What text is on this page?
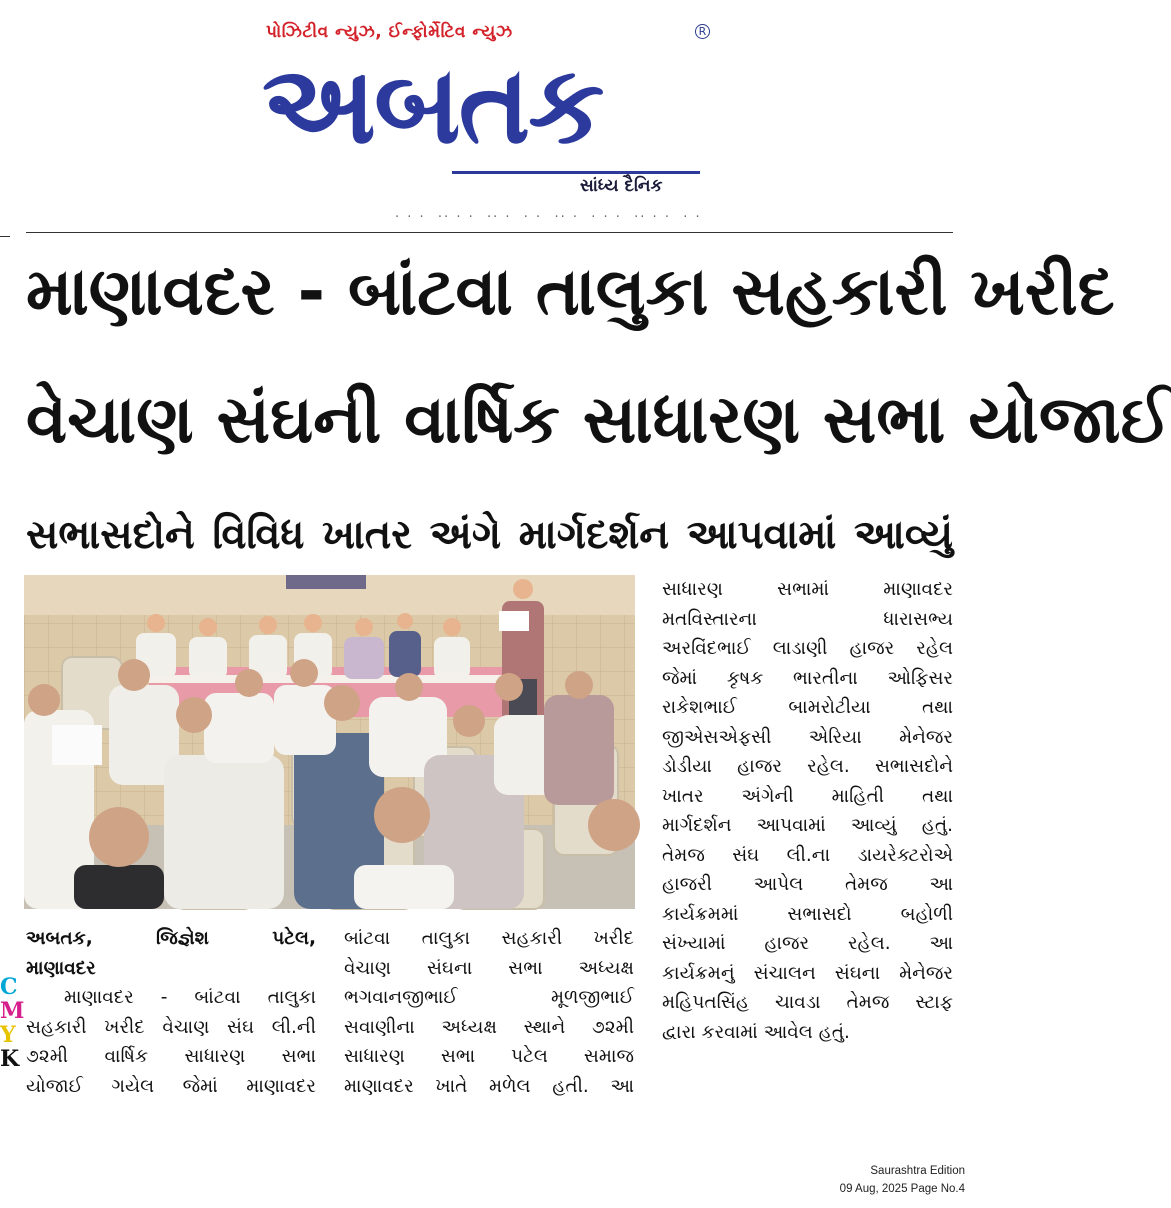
પોઝિટીવ ન્યુઝ, ઈન્ફોર્મેટિવ ન્યુઝ	R
અબતક
સાંધ્ય દૈનિક
· · ·  ·· · ·  ·· ·  · ·  ·· ·  · · ·  ·· · ·  · ·
માણાવદર - બાંટવા તાલુકા સહકારી ખરીદ
વેચાણ સંઘની વાર્ષિક સાધારણ સભા યોજાઈ
સભાસદોને વિવિધ ખાતર અંગે માર્ગદર્શન આપવામાં આવ્યું
અબતક, જિજ્ઞેશ પટેલ,
માણાવદર
માણાવદર - બાંટવા તાલુકા
સહકારી ખરીદ વેચાણ સંઘ લી.ની
૭૨મી વાર્ષિક સાધારણ સભા
યોજાઈ ગયેલ જેમાં માણાવદર
બાંટવા તાલુકા સહકારી ખરીદ
વેચાણ સંઘના સભા અધ્યક્ષ
ભગવાનજીભાઈ મૂળજીભાઈ
સવાણીના અધ્યક્ષ સ્થાને ૭૨મી
સાધારણ સભા પટેલ સમાજ
માણાવદર ખાતે મળેલ હતી. આ
સાધારણ સભામાં માણાવદર
મતવિસ્તારના ધારાસભ્ય
અરવિંદભાઈ લાડાણી હાજર રહેલ
જેમાં કૃષક ભારતીના ઓફિસર
રાકેશભાઈ બામરોટીયા તથા
જીએસએફસી એરિયા મેનેજર
ડોડીયા હાજર રહેલ. સભાસદોને
ખાતર અંગેની માહિતી તથા
માર્ગદર્શન આપવામાં આવ્યું હતું.
તેમજ સંઘ લી.ના ડાયરેક્ટરોએ
હાજરી આપેલ તેમજ આ
કાર્યક્રમમાં સભાસદો બહોળી
સંખ્યામાં હાજર રહેલ. આ
કાર્યક્રમનું સંચાલન સંઘના મેનેજર
મહિપતસિંહ ચાવડા તેમજ સ્ટાફ
દ્વારા કરવામાં આવેલ હતું.
C
M
Y
K
Saurashtra Edition
09 Aug, 2025 Page No.4
